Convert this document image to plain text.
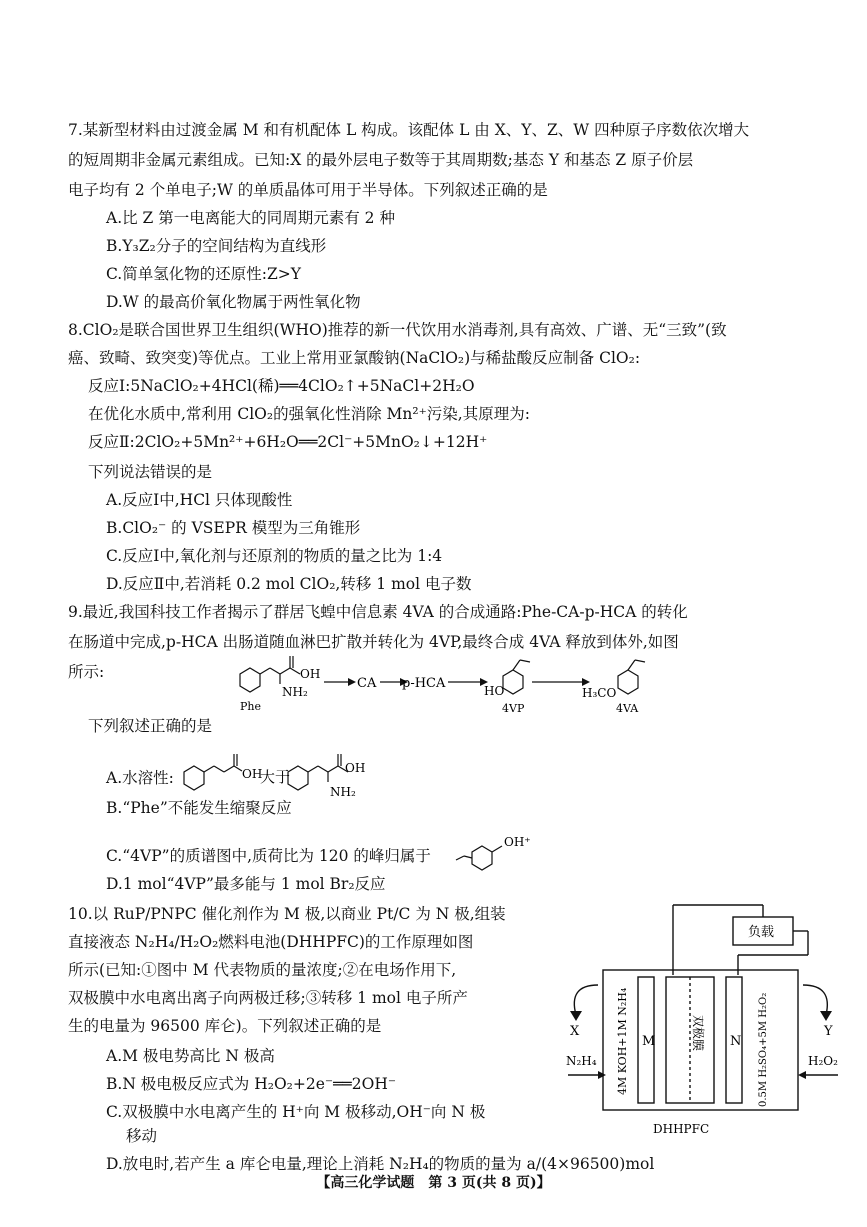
7.某新型材料由过渡金属 M 和有机配体 L 构成。该配体 L 由 X、Y、Z、W 四种原子序数依次增大
的短周期非金属元素组成。已知:X 的最外层电子数等于其周期数;基态 Y 和基态 Z 原子价层
电子均有 2 个单电子;W 的单质晶体可用于半导体。下列叙述正确的是
A.比 Z 第一电离能大的同周期元素有 2 种
B.Y₃Z₂分子的空间结构为直线形
C.简单氢化物的还原性:Z>Y
D.W 的最高价氧化物属于两性氧化物
8.ClO₂是联合国世界卫生组织(WHO)推荐的新一代饮用水消毒剂,具有高效、广谱、无“三致”(致
癌、致畸、致突变)等优点。工业上常用亚氯酸钠(NaClO₂)与稀盐酸反应制备 ClO₂:
反应Ⅰ:5NaClO₂+4HCl(稀)══4ClO₂↑+5NaCl+2H₂O
在优化水质中,常利用 ClO₂的强氧化性消除 Mn²⁺污染,其原理为:
反应Ⅱ:2ClO₂+5Mn²⁺+6H₂O══2Cl⁻+5MnO₂↓+12H⁺
下列说法错误的是
A.反应Ⅰ中,HCl 只体现酸性
B.ClO₂⁻ 的 VSEPR 模型为三角锥形
C.反应Ⅰ中,氧化剂与还原剂的物质的量之比为 1:4
D.反应Ⅱ中,若消耗 0.2 mol ClO₂,转移 1 mol 电子数
9.最近,我国科技工作者揭示了群居飞蝗中信息素 4VA 的合成通路:Phe-CA-p-HCA 的转化
在肠道中完成,p-HCA 出肠道随血淋巴扩散并转化为 4VP,最终合成 4VA 释放到体外,如图
所示:	OH
NH₂
Phe
CA p-HCA	HO
4VP
H₃CO
4VA
下列叙述正确的是
A.水溶性:	OH
大于	OH
NH₂
B.“Phe”不能发生缩聚反应
C.“4VP”的质谱图中,质荷比为 120 的峰归属于
OH⁺
D.1 mol“4VP”最多能与 1 mol Br₂反应
10.以 RuP/PNPC 催化剂作为 M 极,以商业 Pt/C 为 N 极,组装
直接液态 N₂H₄/H₂O₂燃料电池(DHHPFC)的工作原理如图
所示(已知:①图中 M 代表物质的量浓度;②在电场作用下,
双极膜中水电离出离子向两极迁移;③转移 1 mol 电子所产
生的电量为 96500 库仑)。下列叙述正确的是
A.M 极电势高比 N 极高
B.N 极电极反应式为 H₂O₂+2e⁻══2OH⁻
C.双极膜中水电离产生的 H⁺向 M 极移动,OH⁻向 N 极
移动
D.放电时,若产生 a 库仑电量,理论上消耗 N₂H₄的物质的量为 a/(4×96500)mol
负载
X	Y
N₂H₄	H₂O₂
M	N
4M KOH+1M N₂H₄	0.5M H₂SO₄+5M H₂O₂
双极膜
DHHPFC
【高三化学试题　第 3 页(共 8 页)】
